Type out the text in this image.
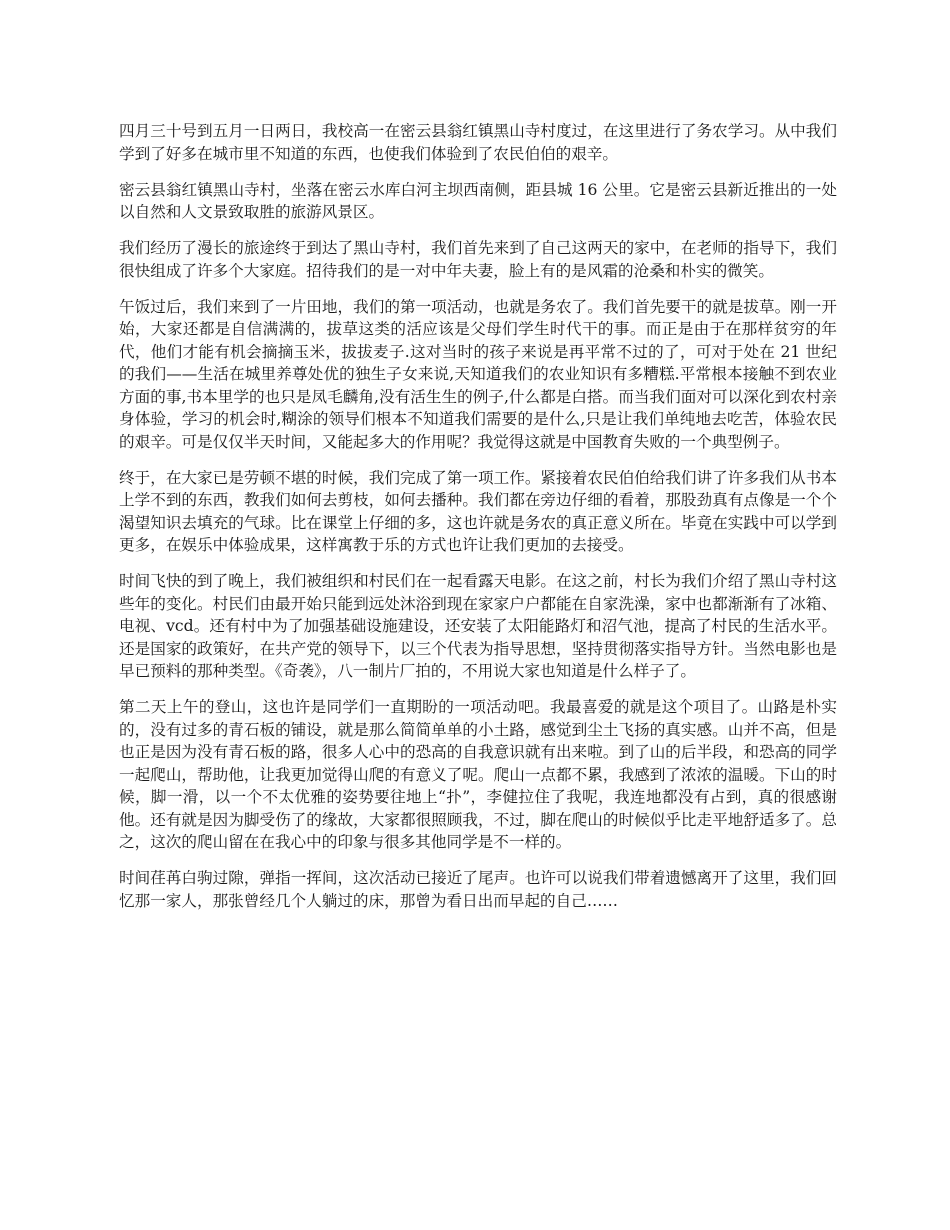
四月三十号到五月一日两日，我校高一在密云县翁红镇黑山寺村度过，在这里进行了务农学习。从中我们学到了好多在城市里不知道的东西，也使我们体验到了农民伯伯的艰辛。

密云县翁红镇黑山寺村，坐落在密云水库白河主坝西南侧，距县城 16 公里。它是密云县新近推出的一处以自然和人文景致取胜的旅游风景区。

我们经历了漫长的旅途终于到达了黑山寺村，我们首先来到了自己这两天的家中，在老师的指导下，我们很快组成了许多个大家庭。招待我们的是一对中年夫妻，脸上有的是风霜的沧桑和朴实的微笑。

午饭过后，我们来到了一片田地，我们的第一项活动，也就是务农了。我们首先要干的就是拔草。刚一开始，大家还都是自信满满的，拔草这类的活应该是父母们学生时代干的事。而正是由于在那样贫穷的年代，他们才能有机会摘摘玉米，拔拔麦子.这对当时的孩子来说是再平常不过的了，可对于处在 21 世纪的我们——生活在城里养尊处优的独生子女来说,天知道我们的农业知识有多糟糕.平常根本接触不到农业方面的事,书本里学的也只是凤毛麟角,没有活生生的例子,什么都是白搭。而当我们面对可以深化到农村亲身体验，学习的机会时,糊涂的领导们根本不知道我们需要的是什么,只是让我们单纯地去吃苦，体验农民的艰辛。可是仅仅半天时间，又能起多大的作用呢？我觉得这就是中国教育失败的一个典型例子。

终于，在大家已是劳顿不堪的时候，我们完成了第一项工作。紧接着农民伯伯给我们讲了许多我们从书本上学不到的东西，教我们如何去剪枝，如何去播种。我们都在旁边仔细的看着，那股劲真有点像是一个个渴望知识去填充的气球。比在课堂上仔细的多，这也许就是务农的真正意义所在。毕竟在实践中可以学到更多，在娱乐中体验成果，这样寓教于乐的方式也许让我们更加的去接受。

时间飞快的到了晚上，我们被组织和村民们在一起看露天电影。在这之前，村长为我们介绍了黑山寺村这些年的变化。村民们由最开始只能到远处沐浴到现在家家户户都能在自家洗澡，家中也都渐渐有了冰箱、电视、vcd。还有村中为了加强基础设施建设，还安装了太阳能路灯和沼气池，提高了村民的生活水平。还是国家的政策好，在共产党的领导下，以三个代表为指导思想，坚持贯彻落实指导方针。当然电影也是早已预料的那种类型。《奇袭》，八一制片厂拍的，不用说大家也知道是什么样子了。

第二天上午的登山，这也许是同学们一直期盼的一项活动吧。我最喜爱的就是这个项目了。山路是朴实的，没有过多的青石板的铺设，就是那么简简单单的小土路，感觉到尘土飞扬的真实感。山并不高，但是也正是因为没有青石板的路，很多人心中的恐高的自我意识就有出来啦。到了山的后半段，和恐高的同学一起爬山，帮助他，让我更加觉得山爬的有意义了呢。爬山一点都不累，我感到了浓浓的温暖。下山的时候，脚一滑，以一个不太优雅的姿势要往地上“扑”，李健拉住了我呢，我连地都没有占到，真的很感谢他。还有就是因为脚受伤了的缘故，大家都很照顾我，不过，脚在爬山的时候似乎比走平地舒适多了。总之，这次的爬山留在在我心中的印象与很多其他同学是不一样的。

时间荏苒白驹过隙，弹指一挥间，这次活动已接近了尾声。也许可以说我们带着遗憾离开了这里，我们回忆那一家人，那张曾经几个人躺过的床，那曾为看日出而早起的自己……
